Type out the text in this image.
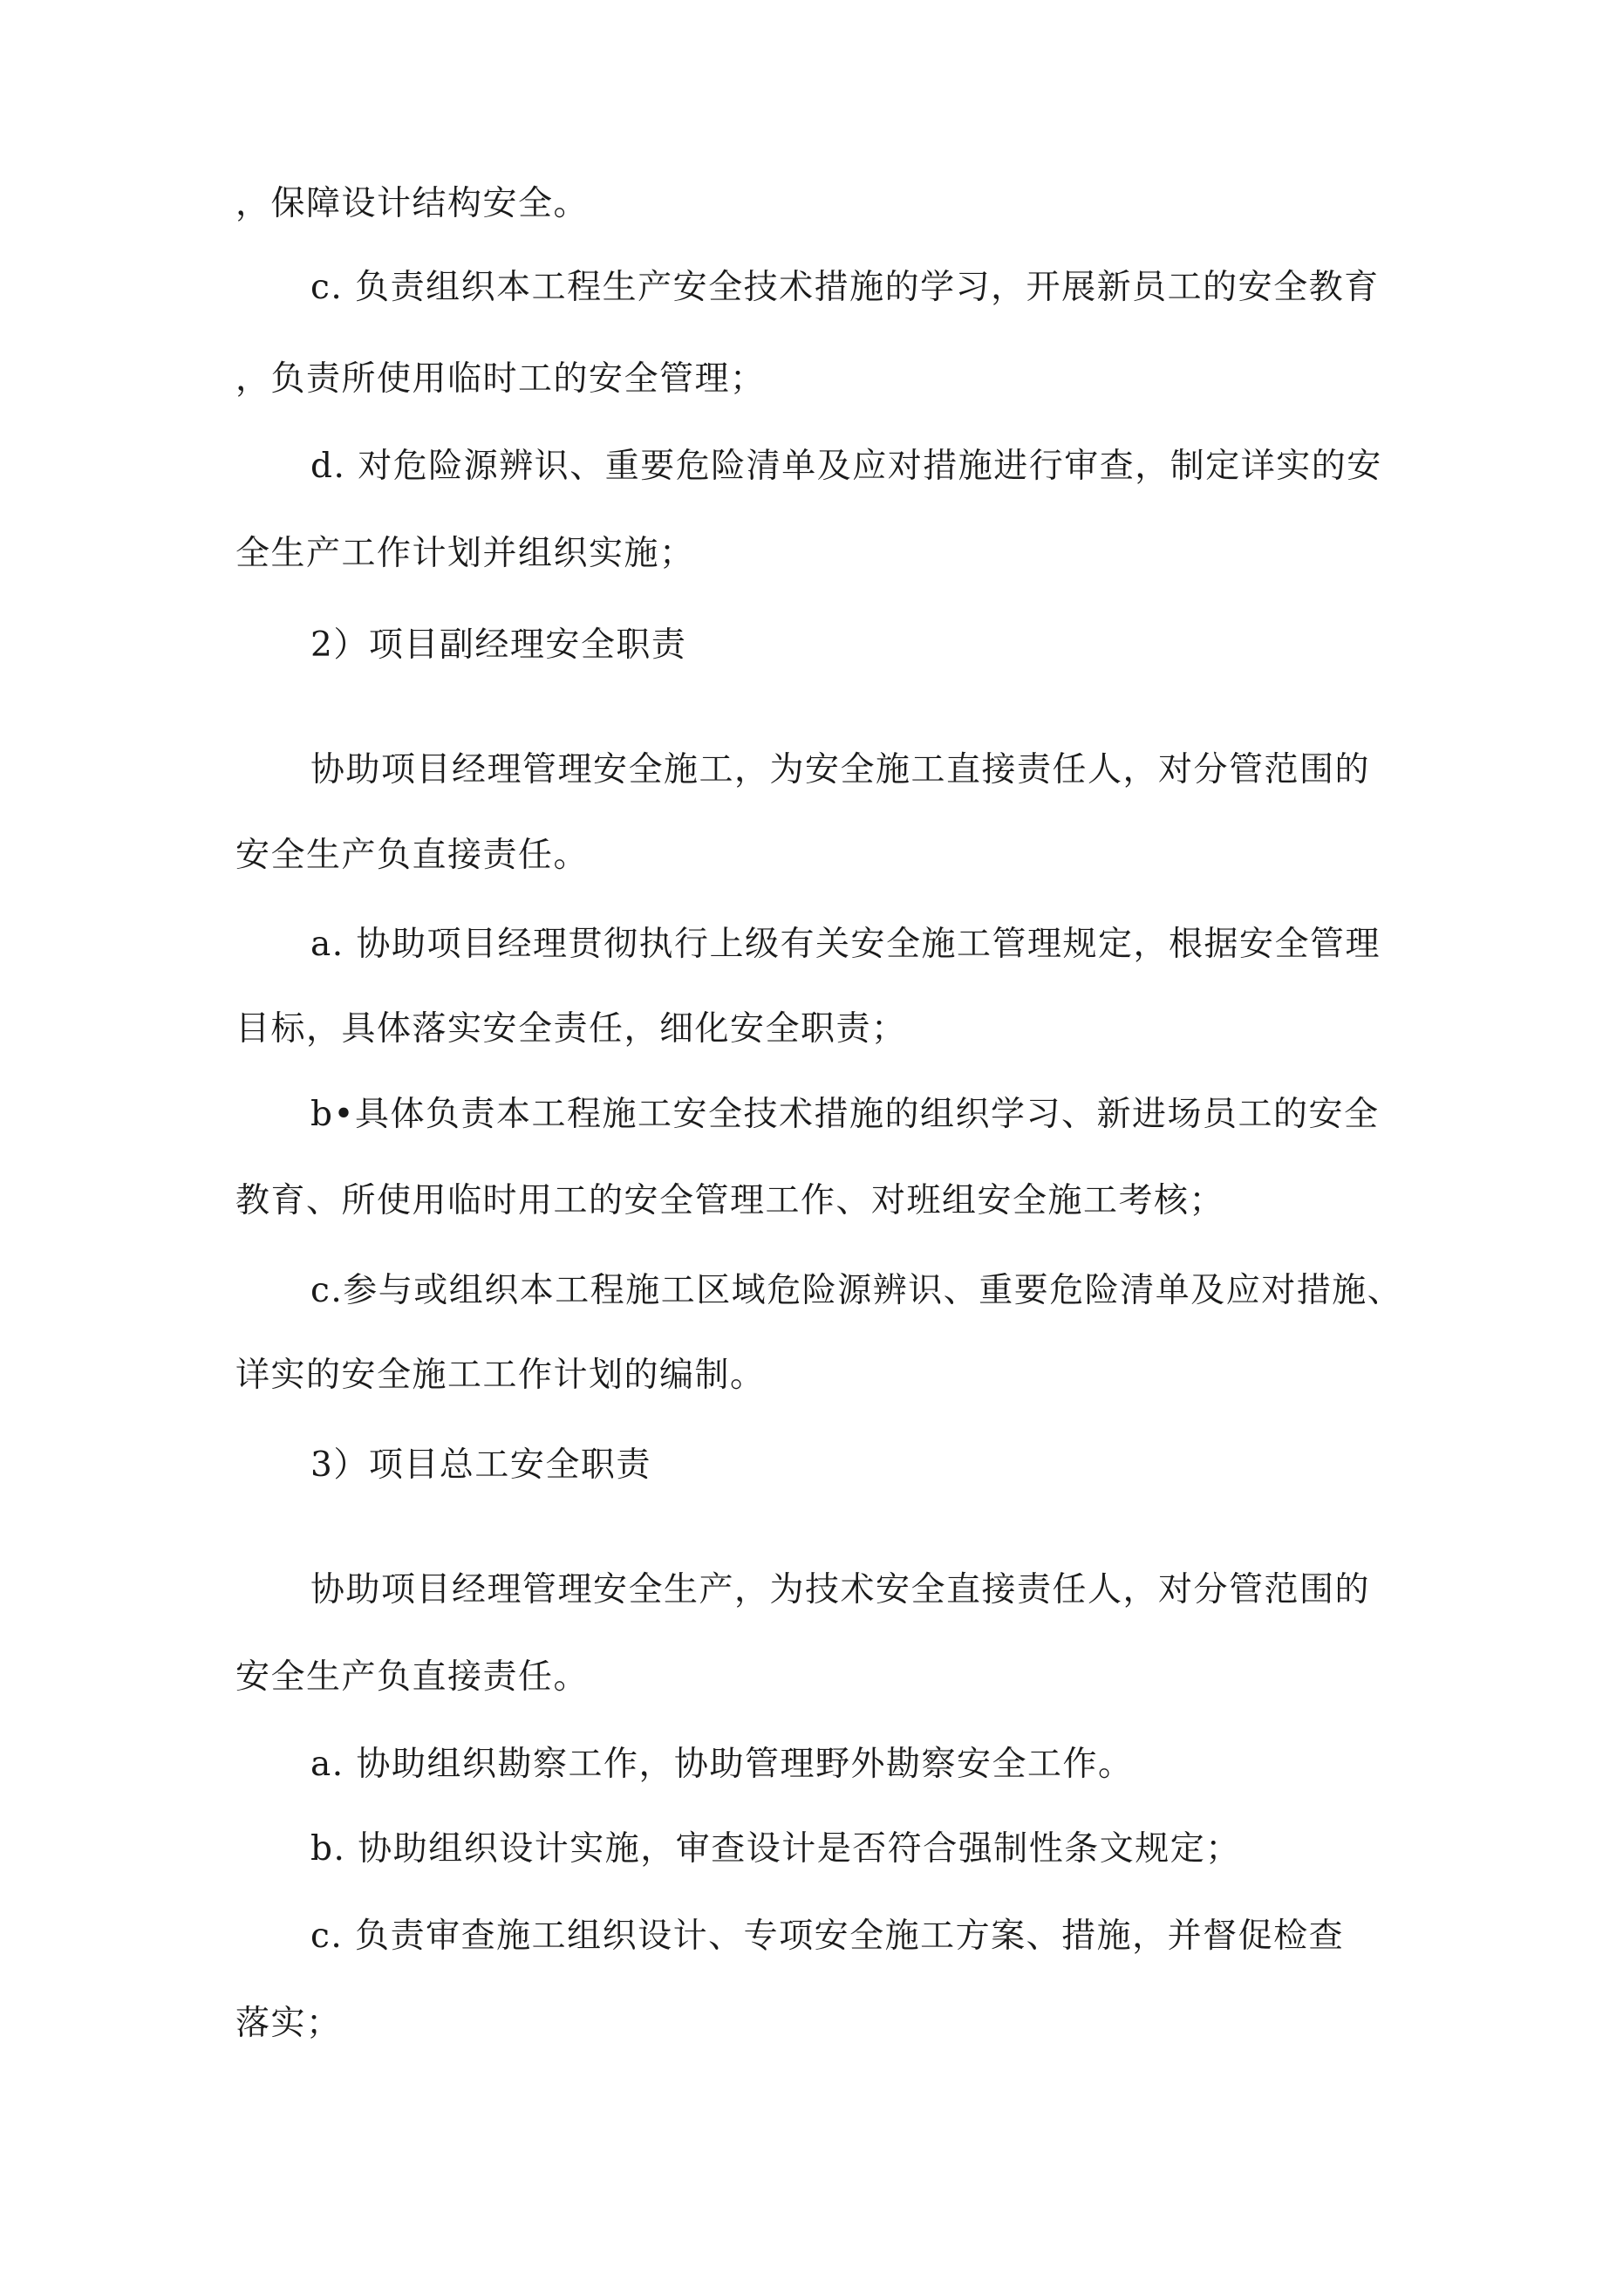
，保障设计结构安全。

c. 负责组织本工程生产安全技术措施的学习，开展新员工的安全教育

，负责所使用临时工的安全管理；

d. 对危险源辨识、重要危险清单及应对措施进行审查，制定详实的安

全生产工作计划并组织实施；

2）项目副经理安全职责

协助项目经理管理安全施工，为安全施工直接责任人，对分管范围的

安全生产负直接责任。

a. 协助项目经理贯彻执行上级有关安全施工管理规定，根据安全管理

目标，具体落实安全责任，细化安全职责；

b•具体负责本工程施工安全技术措施的组织学习、新进场员工的安全

教育、所使用临时用工的安全管理工作、对班组安全施工考核；

c.参与或组织本工程施工区域危险源辨识、重要危险清单及应对措施、

详实的安全施工工作计划的编制。

3）项目总工安全职责

协助项目经理管理安全生产，为技术安全直接责任人，对分管范围的

安全生产负直接责任。

a. 协助组织勘察工作，协助管理野外勘察安全工作。

b. 协助组织设计实施，审查设计是否符合强制性条文规定；

c. 负责审查施工组织设计、专项安全施工方案、措施，并督促检查

落实；
